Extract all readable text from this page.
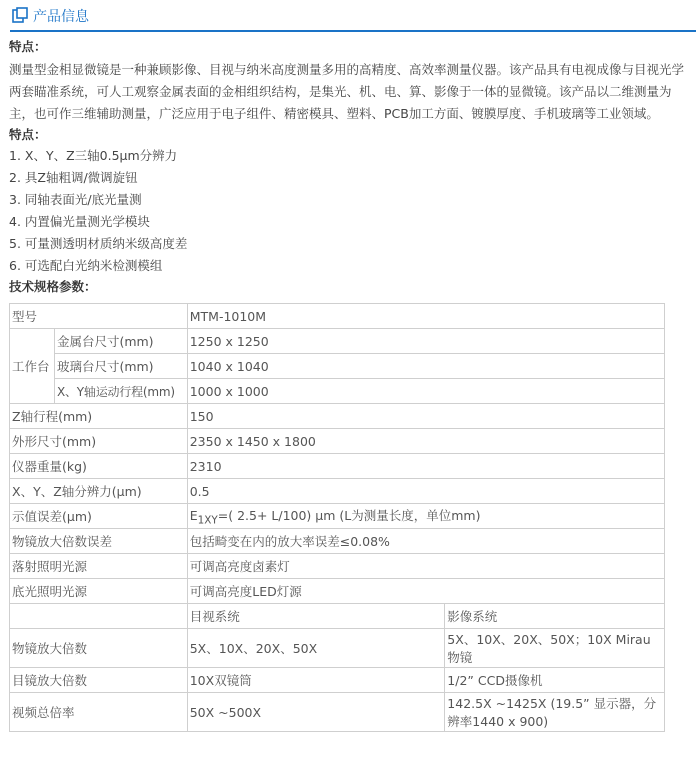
产品信息
特点：

测量型金相显微镜是一种兼顾影像、目视与纳米高度测量多用的高精度、高效率测量仪器。该产品具有电视成像与目视光学两套瞄准系统，可人工观察金属表面的金相组织结构，是集光、机、电、算、影像于一体的显微镜。该产品以二维测量为主，也可作三维辅助测量，广泛应用于电子组件、精密模具、塑料、PCB加工方面、镀膜厚度、手机玻璃等工业领域。

特点：
1. X、Y、Z三轴0.5μm分辨力
2. 具Z轴粗调/微调旋钮
3. 同轴表面光/底光量测
4. 内置偏光量测光学模块
5. 可量测透明材质纳米级高度差
6. 可选配白光纳米检测模组
技术规格参数：
型号		MTM-1010M	
工作台	金属台尺寸(mm)	1250 x 1250	
	玻璃台尺寸(mm)	1040 x 1040	
	X、Y轴运动行程(mm)	1000 x 1000	
Z轴行程(mm)		150	
外形尺寸(mm)		2350 x 1450 x 1800	
仪器重量(kg)		2310	
X、Y、Z轴分辨力(μm)		0.5	
示值误差(μm)		$E_{1XY}=$( 2.5+ L/100) μm (L为测量长度，单位mm)	
物镜放大倍数误差		包括畸变在内的放大率误差≤0.08%	
落射照明光源		可调高亮度卤素灯	
底光照明光源		可调高亮度LED灯源	
		目视系统	影像系统
物镜放大倍数		5X、10X、20X、50X	5X、10X、20X、50X；10X Mirau物镜
目镜放大倍数		10X双镜筒	1/2” CCD摄像机
视频总倍率		50X ~500X	142.5X ~1425X (19.5” 显示器，分辨率1440 x 900)
